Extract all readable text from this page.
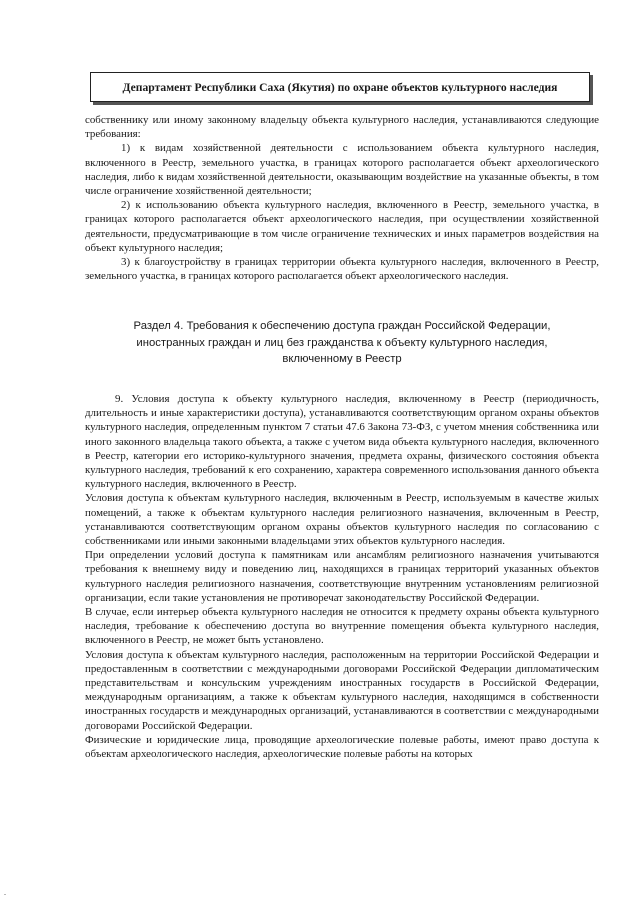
Департамент Республики Саха (Якутия) по охране объектов культурного наследия

собственнику или иному законному владельцу объекта культурного наследия, устанавливаются следующие требования:

1) к видам хозяйственной деятельности с использованием объекта культурного наследия, включенного в Реестр, земельного участка, в границах которого располагается объект археологического наследия, либо к видам хозяйственной деятельности, оказывающим воздействие на указанные объекты, в том числе ограничение хозяйственной деятельности;

2) к использованию объекта культурного наследия, включенного в Реестр, земельного участка, в границах которого располагается объект археологического наследия, при осуществлении хозяйственной деятельности, предусматривающие в том числе ограничение технических и иных параметров воздействия на объект культурного наследия;

3) к благоустройству в границах территории объекта культурного наследия, включенного в Реестр, земельного участка, в границах которого располагается объект археологического наследия.

Раздел 4. Требования к обеспечению доступа граждан Российской Федерации,
иностранных граждан и лиц без гражданства к объекту культурного наследия,
включенному в Реестр

9. Условия доступа к объекту культурного наследия, включенному в Реестр (периодичность, длительность и иные характеристики доступа), устанавливаются соответствующим органом охраны объектов культурного наследия, определенным пунктом 7 статьи 47.6 Закона 73-ФЗ, с учетом мнения собственника или иного законного владельца такого объекта, а также с учетом вида объекта культурного наследия, включенного в Реестр, категории его историко-культурного значения, предмета охраны, физического состояния объекта культурного наследия, требований к его сохранению, характера современного использования данного объекта культурного наследия, включенного в Реестр.

Условия доступа к объектам культурного наследия, включенным в Реестр, используемым в качестве жилых помещений, а также к объектам культурного наследия религиозного назначения, включенным в Реестр, устанавливаются соответствующим органом охраны объектов культурного наследия по согласованию с собственниками или иными законными владельцами этих объектов культурного наследия.

При определении условий доступа к памятникам или ансамблям религиозного назначения учитываются требования к внешнему виду и поведению лиц, находящихся в границах территорий указанных объектов культурного наследия религиозного назначения, соответствующие внутренним установлениям религиозной организации, если такие установления не противоречат законодательству Российской Федерации.

В случае, если интерьер объекта культурного наследия не относится к предмету охраны объекта культурного наследия, требование к обеспечению доступа во внутренние помещения объекта культурного наследия, включенного в Реестр, не может быть установлено.

Условия доступа к объектам культурного наследия, расположенным на территории Российской Федерации и предоставленным в соответствии с международными договорами Российской Федерации дипломатическим представительствам и консульским учреждениям иностранных государств в Российской Федерации, международным организациям, а также к объектам культурного наследия, находящимся в собственности иностранных государств и международных организаций, устанавливаются в соответствии с международными договорами Российской Федерации.

Физические и юридические лица, проводящие археологические полевые работы, имеют право доступа к объектам археологического наследия, археологические полевые работы на которых

.
